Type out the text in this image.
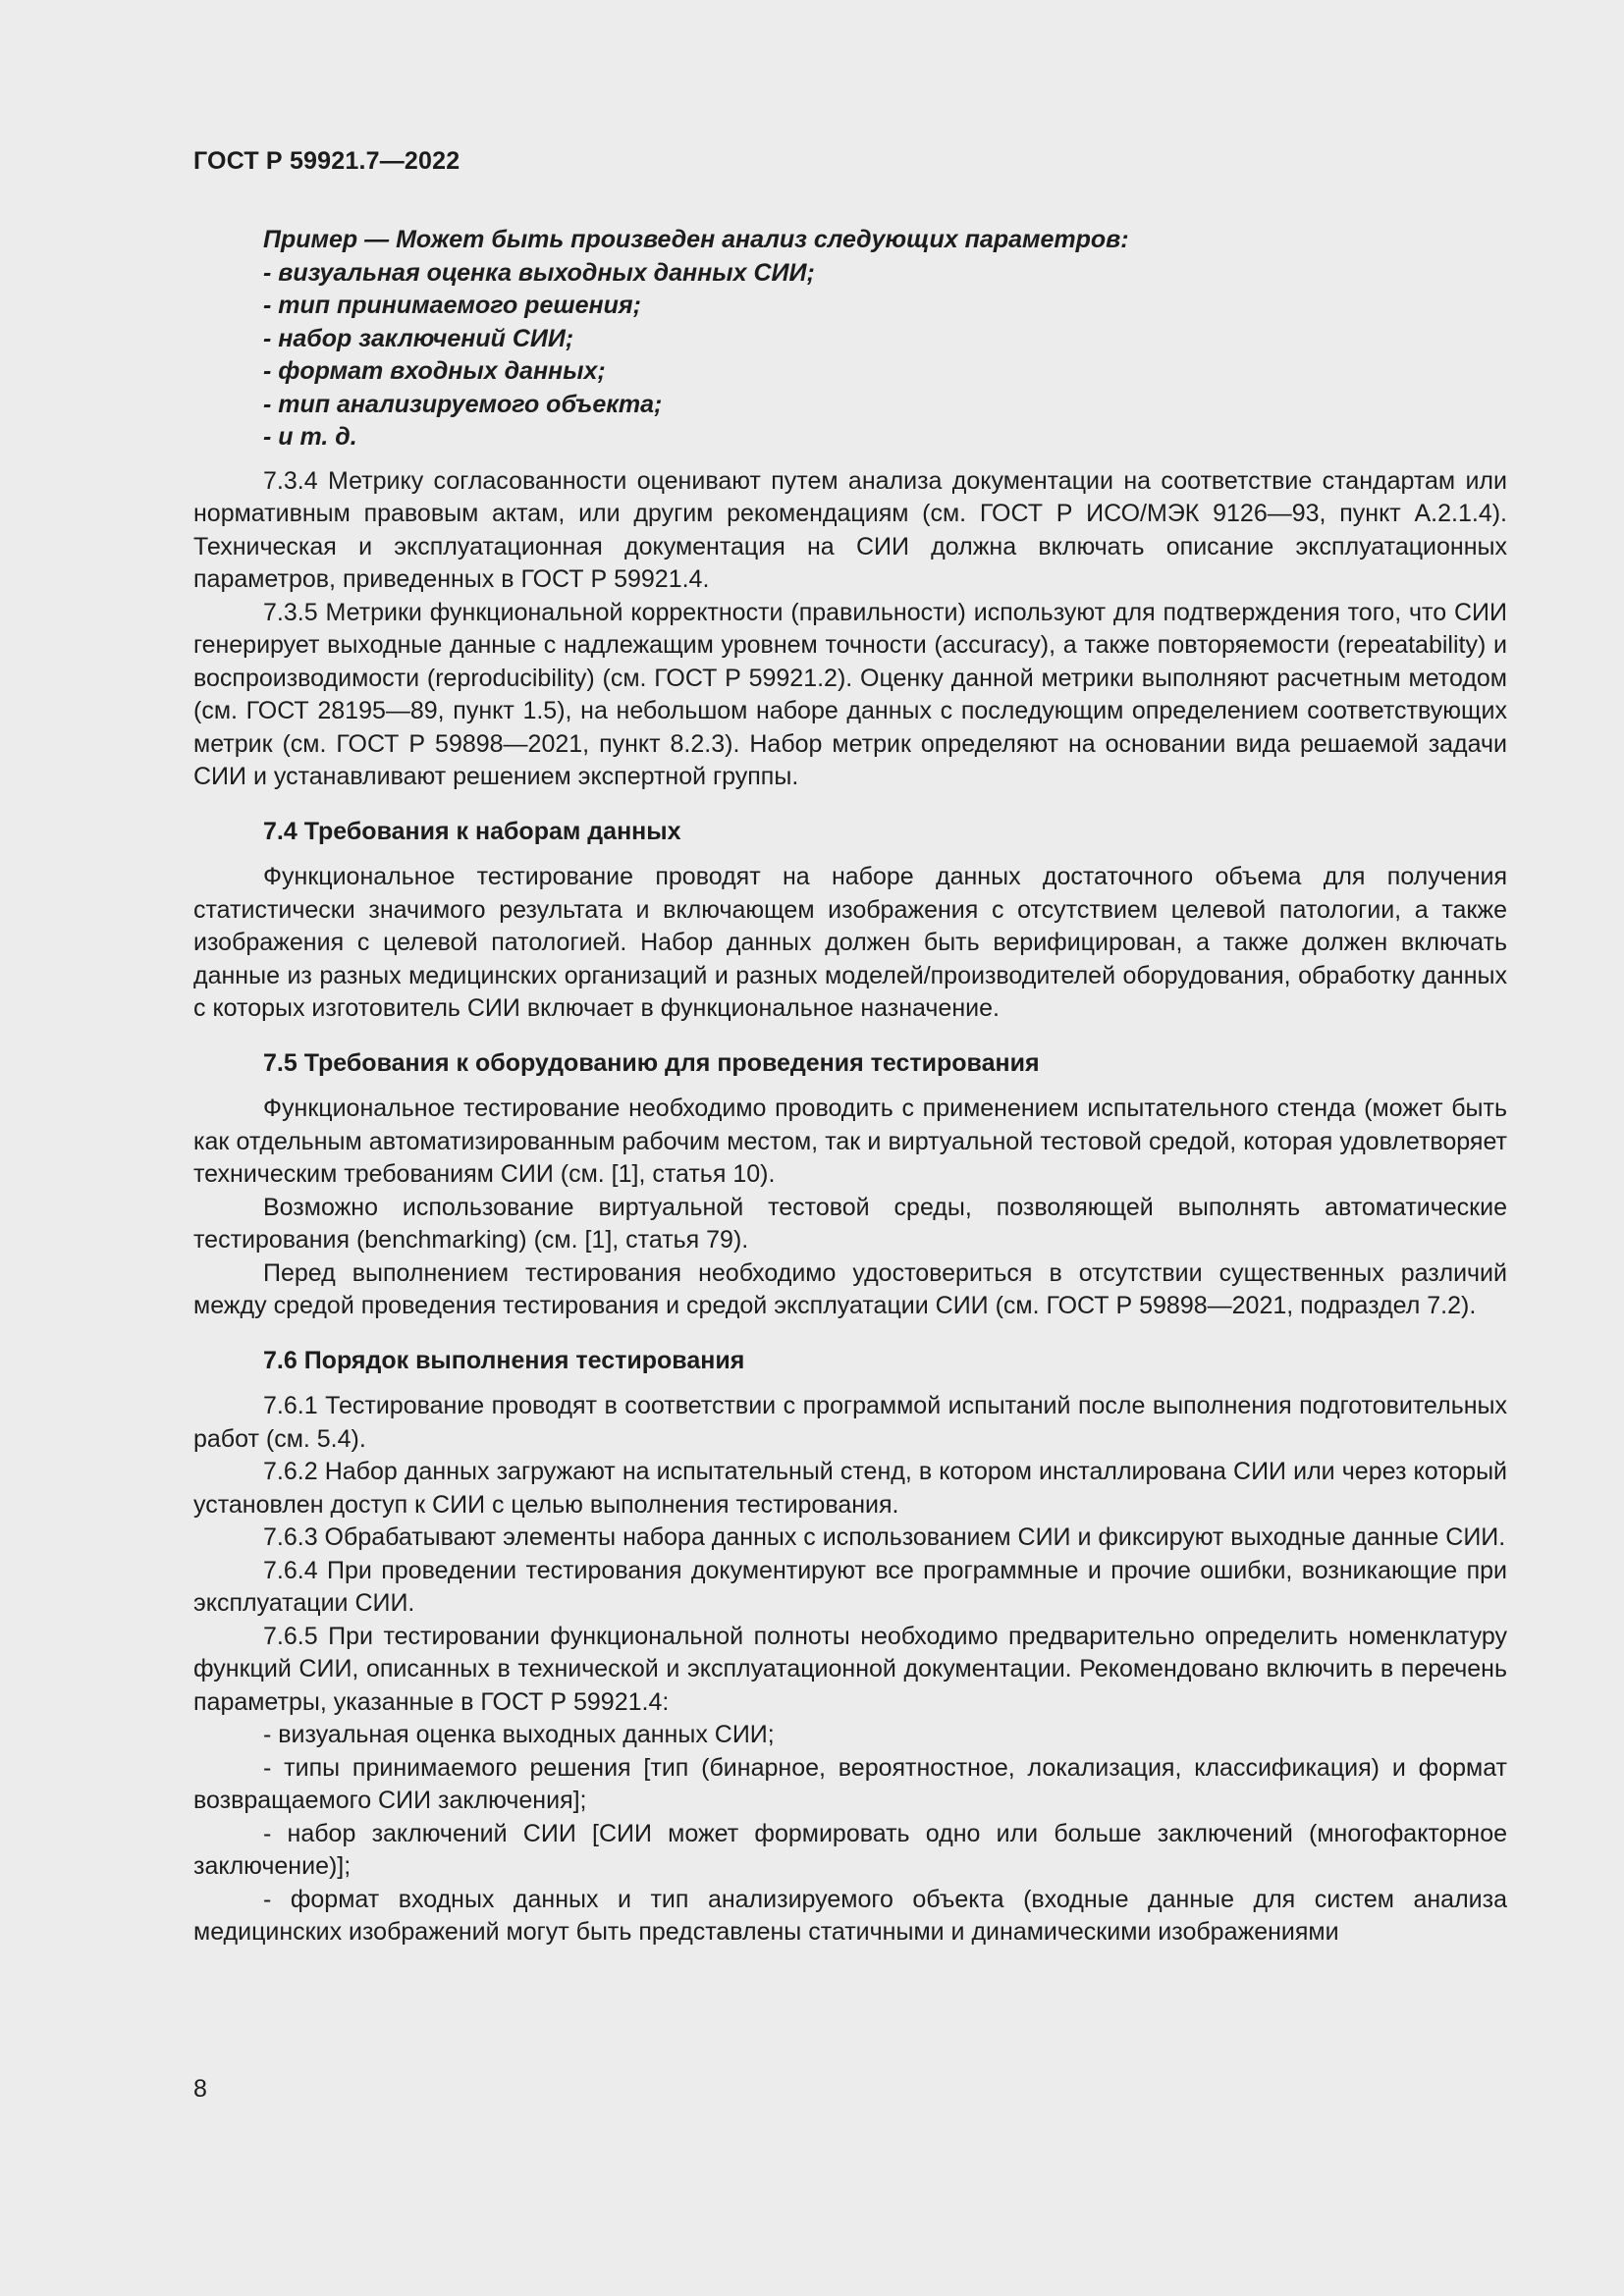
ГОСТ Р 59921.7—2022
Пример — Может быть произведен анализ следующих параметров:
- визуальная оценка выходных данных СИИ;
- тип принимаемого решения;
- набор заключений СИИ;
- формат входных данных;
- тип анализируемого объекта;
- и т. д.

7.3.4 Метрику согласованности оценивают путем анализа документации на соответствие стандартам или нормативным правовым актам, или другим рекомендациям (см. ГОСТ Р ИСО/МЭК 9126—93, пункт А.2.1.4). Техническая и эксплуатационная документация на СИИ должна включать описание эксплуатационных параметров, приведенных в ГОСТ Р 59921.4.

7.3.5 Метрики функциональной корректности (правильности) используют для подтверждения того, что СИИ генерирует выходные данные с надлежащим уровнем точности (accuracy), а также повторяемости (repeatability) и воспроизводимости (reproducibility) (см. ГОСТ Р 59921.2). Оценку данной метрики выполняют расчетным методом (см. ГОСТ 28195—89, пункт 1.5), на небольшом наборе данных с последующим определением соответствующих метрик (см. ГОСТ Р 59898—2021, пункт 8.2.3). Набор метрик определяют на основании вида решаемой задачи СИИ и устанавливают решением экспертной группы.

7.4 Требования к наборам данных

Функциональное тестирование проводят на наборе данных достаточного объема для получения статистически значимого результата и включающем изображения с отсутствием целевой патологии, а также изображения с целевой патологией. Набор данных должен быть верифицирован, а также должен включать данные из разных медицинских организаций и разных моделей/производителей оборудования, обработку данных с которых изготовитель СИИ включает в функциональное назначение.

7.5 Требования к оборудованию для проведения тестирования

Функциональное тестирование необходимо проводить с применением испытательного стенда (может быть как отдельным автоматизированным рабочим местом, так и виртуальной тестовой средой, которая удовлетворяет техническим требованиям СИИ (см. [1], статья 10).

Возможно использование виртуальной тестовой среды, позволяющей выполнять автоматические тестирования (benchmarking) (см. [1], статья 79).

Перед выполнением тестирования необходимо удостовериться в отсутствии существенных различий между средой проведения тестирования и средой эксплуатации СИИ (см. ГОСТ Р 59898—2021, подраздел 7.2).

7.6 Порядок выполнения тестирования

7.6.1 Тестирование проводят в соответствии с программой испытаний после выполнения подготовительных работ (см. 5.4).

7.6.2 Набор данных загружают на испытательный стенд, в котором инсталлирована СИИ или через который установлен доступ к СИИ с целью выполнения тестирования.

7.6.3 Обрабатывают элементы набора данных с использованием СИИ и фиксируют выходные данные СИИ.

7.6.4 При проведении тестирования документируют все программные и прочие ошибки, возникающие при эксплуатации СИИ.

7.6.5 При тестировании функциональной полноты необходимо предварительно определить номенклатуру функций СИИ, описанных в технической и эксплуатационной документации. Рекомендовано включить в перечень параметры, указанные в ГОСТ Р 59921.4:

- визуальная оценка выходных данных СИИ;

- типы принимаемого решения [тип (бинарное, вероятностное, локализация, классификация) и формат возвращаемого СИИ заключения];

- набор заключений СИИ [СИИ может формировать одно или больше заключений (многофакторное заключение)];

- формат входных данных и тип анализируемого объекта (входные данные для систем анализа медицинских изображений могут быть представлены статичными и динамическими изображениями

8
